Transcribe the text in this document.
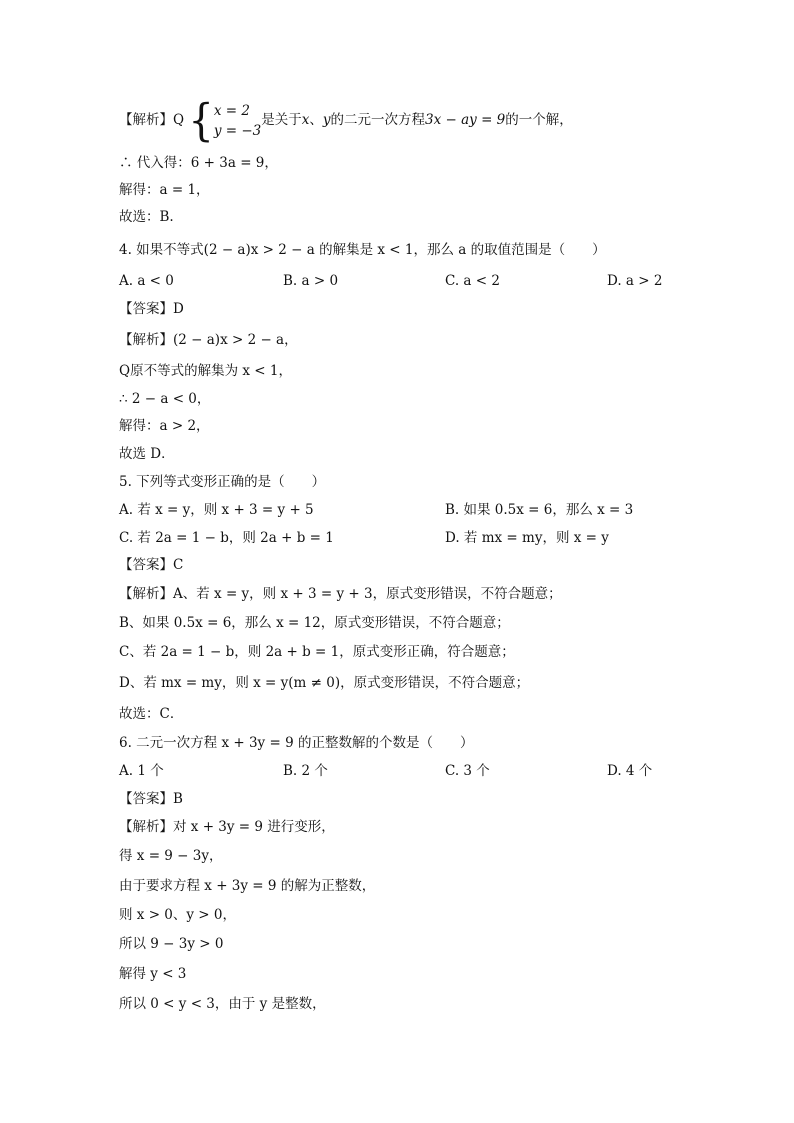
【解析】Q {x = 2
y = −3是关于x、y的二元一次方程3x − ay = 9的一个解，
∴ 代入得：6 + 3a = 9，
解得：a = 1，
故选：B.
4. 如果不等式(2 − a)x > 2 − a 的解集是 x < 1，那么 a 的取值范围是（　　）
A. a < 0	B. a > 0	C. a < 2	D. a > 2
【答案】D
【解析】(2 − a)x > 2 − a，
Q原不等式的解集为 x < 1，
∴ 2 − a < 0，
解得：a > 2，
故选 D．
5. 下列等式变形正确的是（　　）
A. 若 x = y，则 x + 3 = y + 5	B. 如果 0.5x = 6，那么 x = 3
C. 若 2a = 1 − b，则 2a + b = 1	D. 若 mx = my，则 x = y
【答案】C
【解析】A、若 x = y，则 x + 3 = y + 3，原式变形错误，不符合题意；
B、如果 0.5x = 6，那么 x = 12，原式变形错误，不符合题意；
C、若 2a = 1 − b，则 2a + b = 1，原式变形正确，符合题意；
D、若 mx = my，则 x = y(m ≠ 0)，原式变形错误，不符合题意；
故选：C．
6. 二元一次方程 x + 3y = 9 的正整数解的个数是（　　）
A. 1 个	B. 2 个	C. 3 个	D. 4 个
【答案】B
【解析】对 x + 3y = 9 进行变形，
得 x = 9 − 3y，
由于要求方程 x + 3y = 9 的解为正整数，
则 x > 0、y > 0，
所以 9 − 3y > 0
解得 y < 3
所以 0 < y < 3，由于 y 是整数，
